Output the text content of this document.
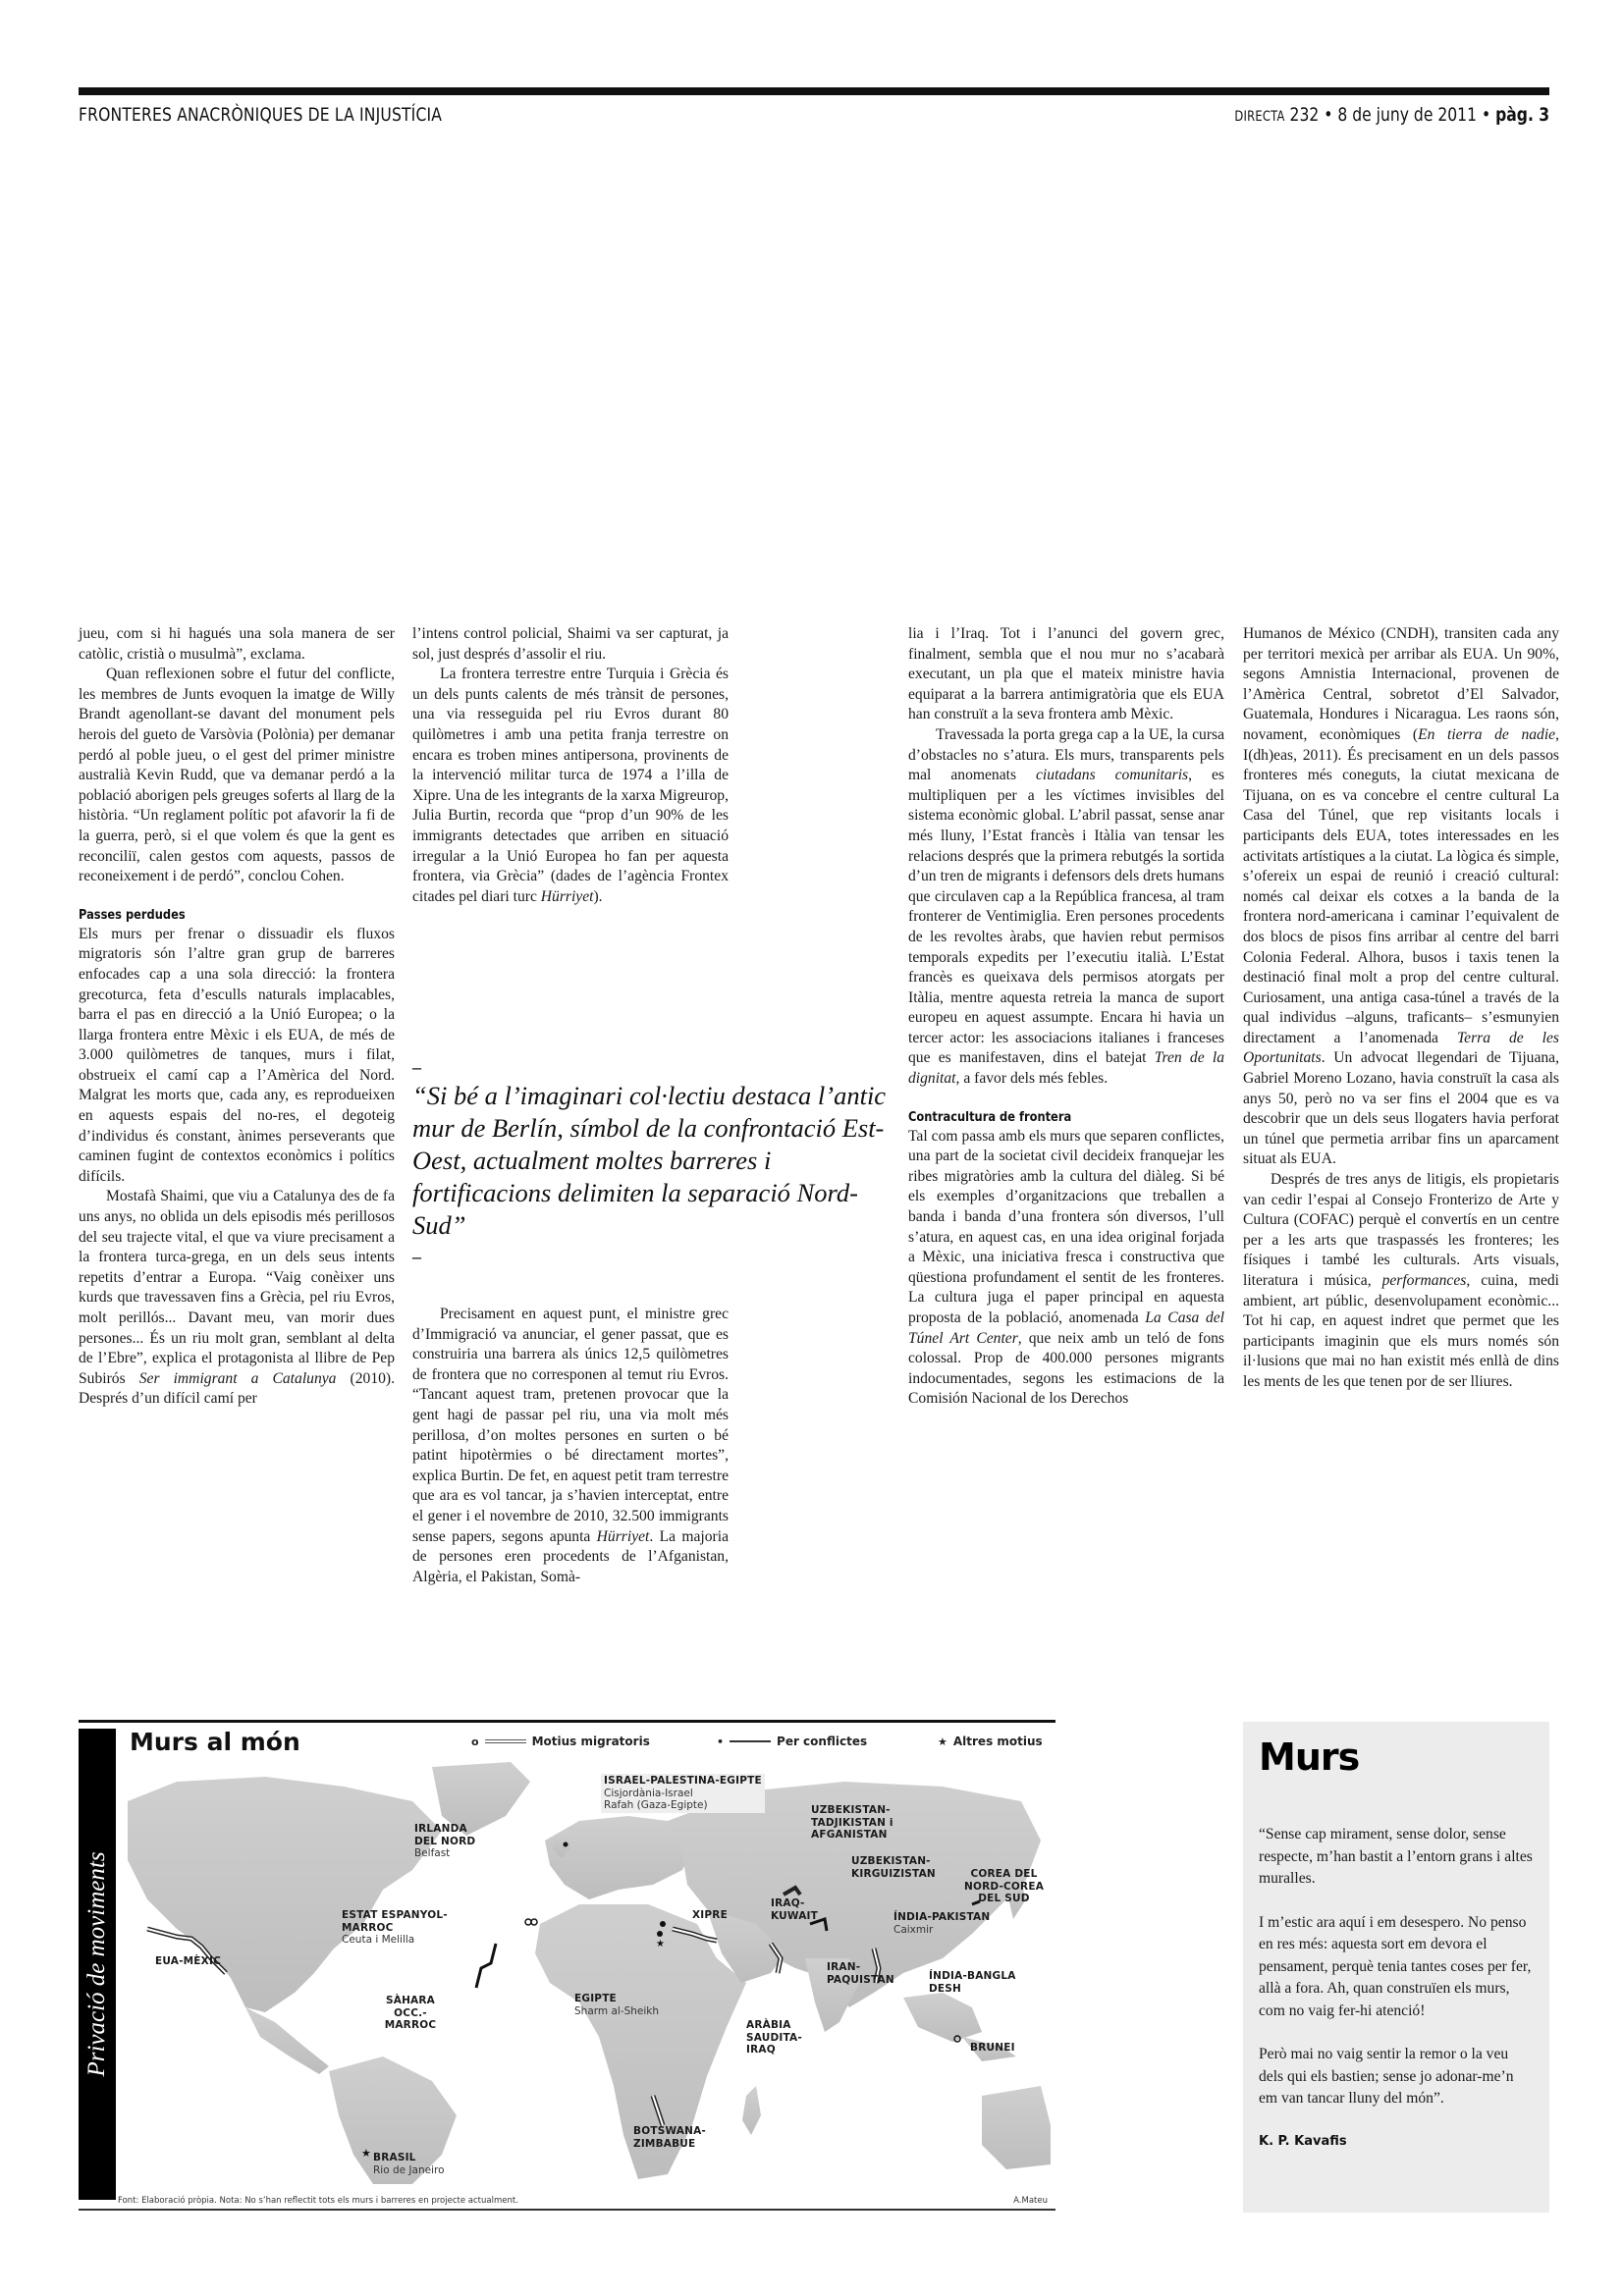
FRONTERES ANACRÒNIQUES DE LA INJUSTÍCIA	DIRECTA 232 • 8 de juny de 2011 • pàg. 3

jueu, com si hi hagués una sola manera de ser catòlic, cristià o musulmà”, exclama.

Quan reflexionen sobre el futur del conflicte, les membres de Junts evoquen la imatge de Willy Brandt agenollant-se davant del monument pels herois del gueto de Varsòvia (Polònia) per demanar perdó al poble jueu, o el gest del primer ministre australià Kevin Rudd, que va demanar perdó a la població aborigen pels greuges soferts al llarg de la història. “Un reglament polític pot afavorir la fi de la guerra, però, si el que volem és que la gent es reconciliï, calen gestos com aquests, passos de reconeixement i de perdó”, conclou Cohen.

Passes perdudes

Els murs per frenar o dissuadir els fluxos migratoris són l’altre gran grup de barreres enfocades cap a una sola direcció: la frontera grecoturca, feta d’esculls naturals implacables, barra el pas en direcció a la Unió Europea; o la llarga frontera entre Mèxic i els EUA, de més de 3.000 quilòmetres de tanques, murs i filat, obstrueix el camí cap a l’Amèrica del Nord. Malgrat les morts que, cada any, es reprodueixen en aquests espais del no-res, el degoteig d’individus és constant, ànimes perseverants que caminen fugint de contextos econòmics i polítics difícils.

Mostafà Shaimi, que viu a Catalunya des de fa uns anys, no oblida un dels episodis més perillosos del seu trajecte vital, el que va viure precisament a la frontera turca-grega, en un dels seus intents repetits d’entrar a Europa. “Vaig conèixer uns kurds que travessaven fins a Grècia, pel riu Evros, molt perillós... Davant meu, van morir dues persones... És un riu molt gran, semblant al delta de l’Ebre”, explica el protagonista al llibre de Pep Subirós Ser immigrant a Catalunya (2010). Després d’un difícil camí per

l’intens control policial, Shaimi va ser capturat, ja sol, just després d’assolir el riu.

La frontera terrestre entre Turquia i Grècia és un dels punts calents de més trànsit de persones, una via resseguida pel riu Evros durant 80 quilòmetres i amb una petita franja terrestre on encara es troben mines antipersona, provinents de la intervenció militar turca de 1974 a l’illa de Xipre. Una de les integrants de la xarxa Migreurop, Julia Burtin, recorda que “prop d’un 90% de les immigrants detectades que arriben en situació irregular a la Unió Europea ho fan per aquesta frontera, via Grècia” (dades de l’agència Frontex citades pel diari turc Hürriyet).

–
“Si bé a l’imaginari col·lectiu destaca l’antic mur de Berlín, símbol de la confrontació Est-Oest, actualment moltes barreres i fortificacions delimiten la separació Nord-Sud”
–

Precisament en aquest punt, el ministre grec d’Immigració va anunciar, el gener passat, que es construiria una barrera als únics 12,5 quilòmetres de frontera que no corresponen al temut riu Evros. “Tancant aquest tram, pretenen provocar que la gent hagi de passar pel riu, una via molt més perillosa, d’on moltes persones en surten o bé patint hipotèrmies o bé directament mortes”, explica Burtin. De fet, en aquest petit tram terrestre que ara es vol tancar, ja s’havien interceptat, entre el gener i el novembre de 2010, 32.500 immigrants sense papers, segons apunta Hürriyet. La majoria de persones eren procedents de l’Afganistan, Algèria, el Pakistan, Somà-

lia i l’Iraq. Tot i l’anunci del govern grec, finalment, sembla que el nou mur no s’acabarà executant, un pla que el mateix ministre havia equiparat a la barrera antimigratòria que els EUA han construït a la seva frontera amb Mèxic.

Travessada la porta grega cap a la UE, la cursa d’obstacles no s’atura. Els murs, transparents pels mal anomenats ciutadans comunitaris, es multipliquen per a les víctimes invisibles del sistema econòmic global. L’abril passat, sense anar més lluny, l’Estat francès i Itàlia van tensar les relacions després que la primera rebutgés la sortida d’un tren de migrants i defensors dels drets humans que circulaven cap a la República francesa, al tram fronterer de Ventimiglia. Eren persones procedents de les revoltes àrabs, que havien rebut permisos temporals expedits per l’executiu italià. L’Estat francès es queixava dels permisos atorgats per Itàlia, mentre aquesta retreia la manca de suport europeu en aquest assumpte. Encara hi havia un tercer actor: les associacions italianes i franceses que es manifestaven, dins el batejat Tren de la dignitat, a favor dels més febles.

Contracultura de frontera

Tal com passa amb els murs que separen conflictes, una part de la societat civil decideix franquejar les ribes migratòries amb la cultura del diàleg. Si bé els exemples d’organitzacions que treballen a banda i banda d’una frontera són diversos, l’ull s’atura, en aquest cas, en una idea original forjada a Mèxic, una iniciativa fresca i constructiva que qüestiona profundament el sentit de les fronteres. La cultura juga el paper principal en aquesta proposta de la població, anomenada La Casa del Túnel Art Center, que neix amb un teló de fons colossal. Prop de 400.000 persones migrants indocumentades, segons les estimacions de la Comisión Nacional de los Derechos

Humanos de México (CNDH), transiten cada any per territori mexicà per arribar als EUA. Un 90%, segons Amnistia Internacional, provenen de l’Amèrica Central, sobretot d’El Salvador, Guatemala, Hondures i Nicaragua. Les raons són, novament, econòmiques (En tierra de nadie, I(dh)eas, 2011). És precisament en un dels passos fronteres més coneguts, la ciutat mexicana de Tijuana, on es va concebre el centre cultural La Casa del Túnel, que rep visitants locals i participants dels EUA, totes interessades en les activitats artístiques a la ciutat. La lògica és simple, s’ofereix un espai de reunió i creació cultural: només cal deixar els cotxes a la banda de la frontera nord-americana i caminar l’equivalent de dos blocs de pisos fins arribar al centre del barri Colonia Federal. Alhora, busos i taxis tenen la destinació final molt a prop del centre cultural. Curiosament, una antiga casa-túnel a través de la qual individus –alguns, traficants– s’esmunyien directament a l’anomenada Terra de les Oportunitats. Un advocat llegendari de Tijuana, Gabriel Moreno Lozano, havia construït la casa als anys 50, però no va ser fins el 2004 que es va descobrir que un dels seus llogaters havia perforat un túnel que permetia arribar fins un aparcament situat als EUA.

Després de tres anys de litigis, els propietaris van cedir l’espai al Consejo Fronterizo de Arte y Cultura (COFAC) perquè el convertís en un centre per a les arts que traspassés les fronteres; les físiques i també les culturals. Arts visuals, literatura i música, performances, cuina, medi ambient, art públic, desenvolupament econòmic... Tot hi cap, en aquest indret que permet que les participants imaginin que els murs només són il·lusions que mai no han existit més enllà de dins les ments de les que tenen por de ser lliures.

Privació de moviments
Murs al món	o	Motius migratoris	•	Per conflictes	★ Altres motius
★
★
EUA-MÈXIC
IRLANDA DEL NORD
Belfast
ESTAT ESPANYOL-MARROC
Ceuta i Melilla
SÀHARA OCC.-MARROC
ISRAEL-PALESTINA-EGIPTE
Cisjordània-Israel
Rafah (Gaza-Egipte)
XIPRE
EGIPTE
Sharm al-Sheikh
IRAQ-KUWAIT
ARÀBIA SAUDITA-IRAQ
UZBEKISTAN-TADJIKISTAN i AFGANISTAN
UZBEKISTAN-KIRGUIZISTAN
IRAN-PAQUISTAN
ÍNDIA-PAKISTAN
Caixmir
ÍNDIA-BANGLA DESH
COREA DEL NORD-COREA DEL SUD
BRUNEI
BOTSWANA-ZIMBABUE
BRASIL
Rio de Janeiro
Font: Elaboració pròpia. Nota: No s’han reflectit tots els murs i barreres en projecte actualment.	A.Mateu
Murs

“Sense cap mirament, sense dolor, sense respecte, m’han bastit a l’entorn grans i altes muralles.

I m’estic ara aquí i em desespero. No penso en res més: aquesta sort em devora el pensament, perquè tenia tantes coses per fer, allà a fora. Ah, quan construïen els murs, com no vaig fer-hi atenció!

Però mai no vaig sentir la remor o la veu dels qui els bastien; sense jo adonar-me’n em van tancar lluny del món”.

K. P. Kavafis
